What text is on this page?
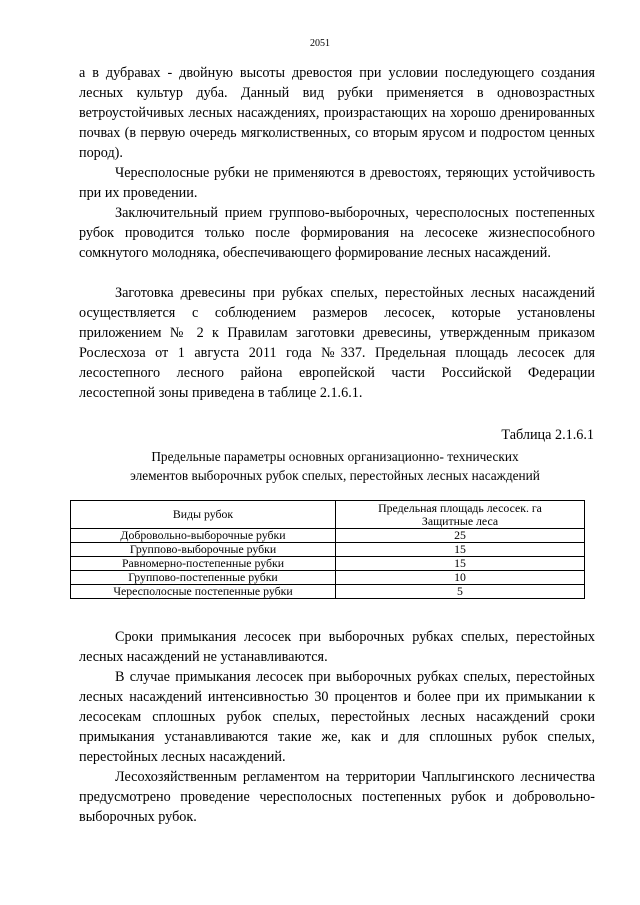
2051

а в дубравах - двойную высоты древостоя при условии последующего создания лесных культур дуба. Данный вид рубки применяется в одновозрастных ветроустойчивых лесных насаждениях, произрастающих на хорошо дренированных почвах (в первую очередь мягколиственных, со вторым ярусом и подростом ценных пород).

Чересполосные рубки не применяются в древостоях, теряющих устойчивость при их проведении.

Заключительный прием группово-выборочных, чересполосных постепенных рубок проводится только после формирования на лесосеке жизнеспособного сомкнутого молодняка, обеспечивающего формирование лесных насаждений.

Заготовка древесины при рубках спелых, перестойных лесных насаждений осуществляется с соблюдением размеров лесосек, которые установлены приложением № 2 к Правилам заготовки древесины, утвержденным приказом Рослесхоза от 1 августа 2011 года №337. Предельная площадь лесосек для лесостепного лесного района европейской части Российской Федерации лесостепной зоны приведена в таблице 2.1.6.1.

Таблица 2.1.6.1
Предельные параметры основных организационно- технических
элементов выборочных рубок спелых, перестойных лесных насаждений
Виды рубок	Предельная площадь лесосек. га
Защитные леса

Добровольно-выборочные рубки	25
Группово-выборочные рубки	15
Равномерно-постепенные рубки	15
Группово-постепенные рубки	10
Чересполосные постепенные рубки	5

Сроки примыкания лесосек при выборочных рубках спелых, перестойных лесных насаждений не устанавливаются.

В случае примыкания лесосек при выборочных рубках спелых, перестойных лесных насаждений интенсивностью 30 процентов и более при их примыкании к лесосекам сплошных рубок спелых, перестойных лесных насаждений сроки примыкания устанавливаются такие же, как и для сплошных рубок спелых, перестойных лесных насаждений.

Лесохозяйственным регламентом на территории Чаплыгинского лесничества предусмотрено проведение чересполосных постепенных рубок и добровольно-выборочных рубок.
